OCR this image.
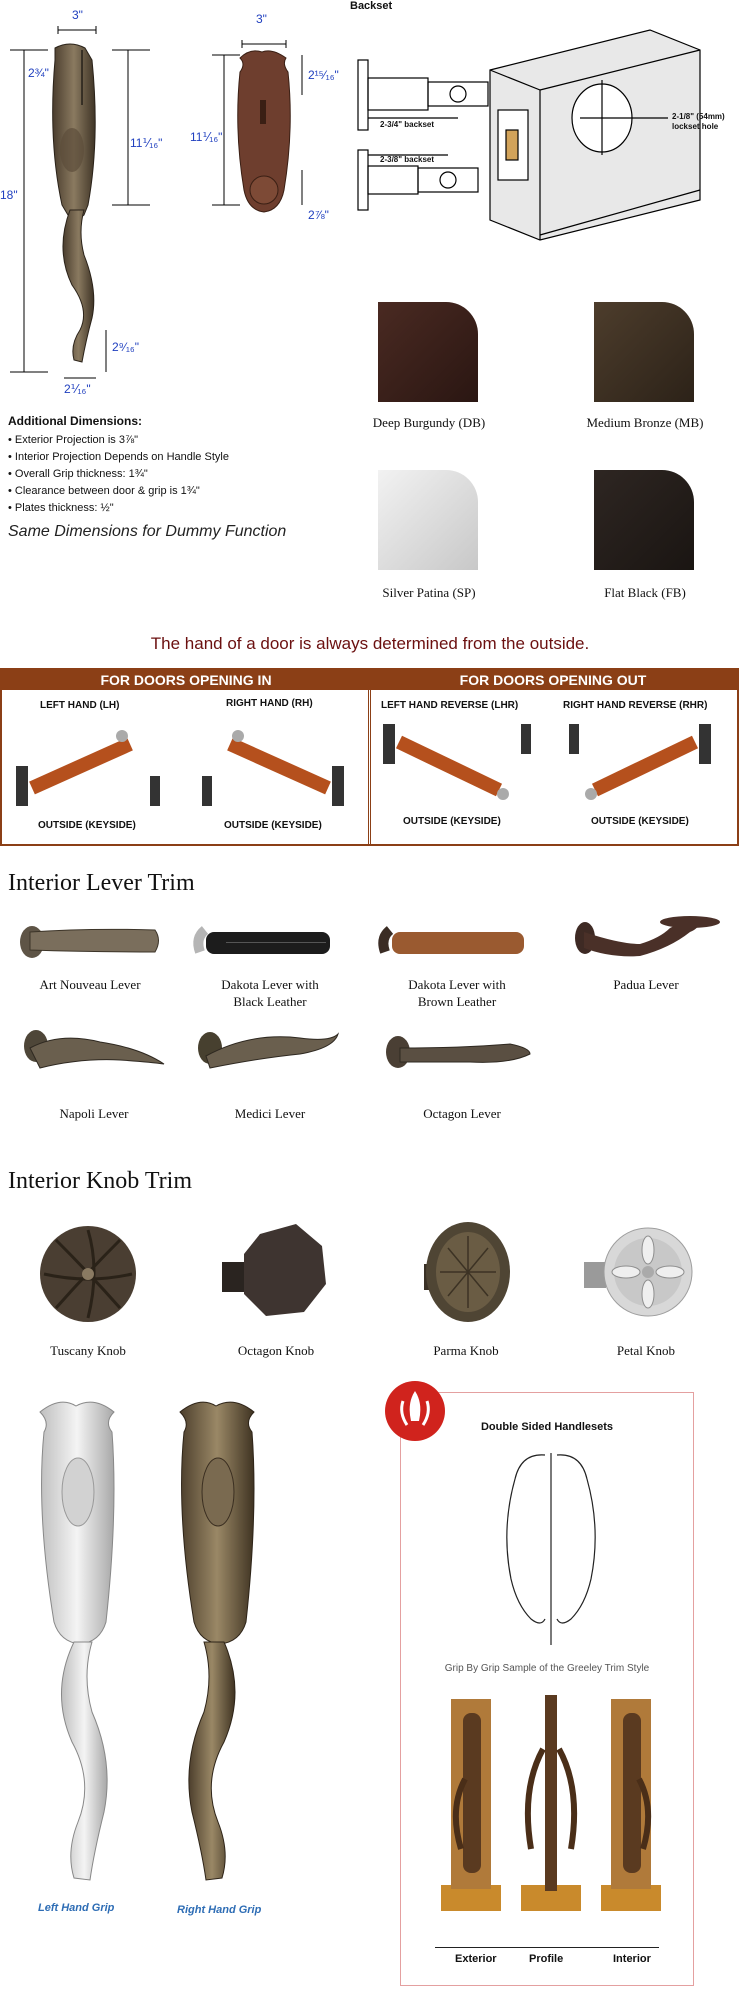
3"
2¾"
11⅟₁₆"
18"
2⁹⁄₁₆"
2⅟₁₆"
3"
11⅟₁₆"
2¹⁵⁄₁₆"
2⅞"
Backset
2-3/4" backset
2-3/8" backset
2-1/8" (54mm)
lockset hole
Additional Dimensions:
• Exterior Projection is 3⅞"
• Interior Projection Depends on Handle Style
• Overall Grip thickness: 1¾"
• Clearance between door & grip is 1¾"
• Plates thickness: ½"
Same Dimensions for Dummy Function
Deep Burgundy (DB)	Medium Bronze (MB)
Silver Patina (SP)	Flat Black (FB)
The hand of a door is always determined from the outside.
FOR DOORS OPENING IN
LEFT HAND (LH)	RIGHT HAND (RH)
OUTSIDE (KEYSIDE)	OUTSIDE (KEYSIDE)
FOR DOORS OPENING OUT
LEFT HAND REVERSE (LHR)	RIGHT HAND REVERSE (RHR)
OUTSIDE (KEYSIDE)	OUTSIDE (KEYSIDE)
Interior Lever Trim
Art Nouveau Lever	Dakota Lever with Black Leather
Dakota Lever with Brown Leather
Padua Lever
Napoli Lever	Medici Lever	Octagon Lever
Interior Knob Trim
Tuscany Knob	Octagon Knob	Parma Knob	Petal Knob
Left Hand Grip	Right Hand Grip
Double Sided Handlesets
Grip By Grip Sample of the Greeley Trim Style
Exterior	Profile	Interior
